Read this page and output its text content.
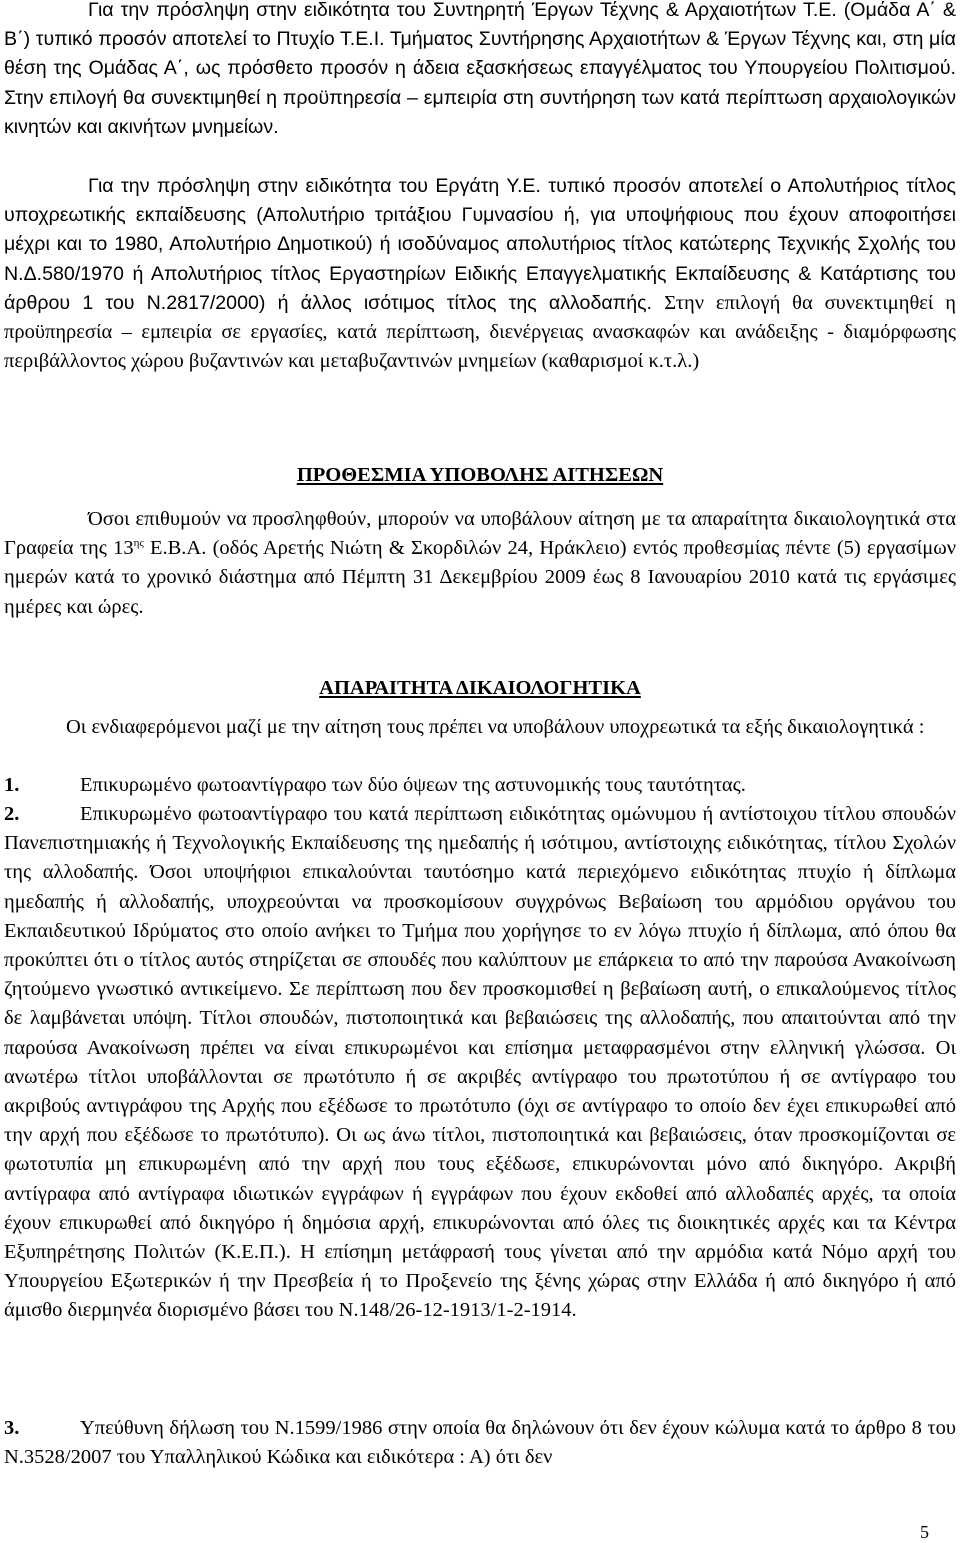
Για την πρόσληψη στην ειδικότητα του Συντηρητή Έργων Τέχνης & Αρχαιοτήτων Τ.Ε. (Ομάδα Α΄ & Β΄) τυπικό προσόν αποτελεί το Πτυχίο Τ.Ε.Ι. Τμήματος Συντήρησης Αρχαιοτήτων & Έργων Τέχνης και, στη μία θέση της Ομάδας Α΄, ως πρόσθετο προσόν η άδεια εξασκήσεως επαγγέλματος του Υπουργείου Πολιτισμού. Στην επιλογή θα συνεκτιμηθεί η προϋπηρεσία – εμπειρία στη συντήρηση των κατά περίπτωση αρχαιολογικών κινητών και ακινήτων μνημείων.

Για την πρόσληψη στην ειδικότητα του Εργάτη Υ.Ε. τυπικό προσόν αποτελεί ο Απολυτήριος τίτλος υποχρεωτικής εκπαίδευσης (Απολυτήριο τριτάξιου Γυμνασίου ή, για υποψήφιους που έχουν αποφοιτήσει μέχρι και το 1980, Απολυτήριο Δημοτικού) ή ισοδύναμος απολυτήριος τίτλος κατώτερης Τεχνικής Σχολής του Ν.Δ.580/1970 ή Απολυτήριος τίτλος Εργαστηρίων Ειδικής Επαγγελματικής Εκπαίδευσης & Κατάρτισης του άρθρου 1 του Ν.2817/2000) ή άλλος ισότιμος τίτλος της αλλοδαπής. Στην επιλογή θα συνεκτιμηθεί η προϋπηρεσία – εμπειρία σε εργασίες, κατά περίπτωση, διενέργειας ανασκαφών και ανάδειξης - διαμόρφωσης περιβάλλοντος χώρου βυζαντινών και μεταβυζαντινών μνημείων (καθαρισμοί κ.τ.λ.)

ΠΡΟΘΕΣΜΙΑ ΥΠΟΒΟΛΗΣ ΑΙΤΗΣΕΩΝ

Όσοι επιθυμούν να προσληφθούν, μπορούν να υποβάλουν αίτηση με τα απαραίτητα δικαιολογητικά στα Γραφεία της $13^{\eta\varsigma}$ Ε.Β.Α. (οδός Αρετής Νιώτη & Σκορδιλών 24, Ηράκλειο) εντός προθεσμίας πέντε (5) εργασίμων ημερών κατά το χρονικό διάστημα από Πέμπτη 31 Δεκεμβρίου 2009 έως 8 Ιανουαρίου 2010 κατά τις εργάσιμες ημέρες και ώρες.

ΑΠΑΡΑΙΤΗΤΑ ΔΙΚΑΙΟΛΟΓΗΤΙΚΑ

Οι ενδιαφερόμενοι μαζί με την αίτηση τους πρέπει να υποβάλουν υποχρεωτικά τα εξής δικαιολογητικά :

1.	Επικυρωμένο φωτοαντίγραφο των δύο όψεων της αστυνομικής τους ταυτότητας.

2.	Επικυρωμένο φωτοαντίγραφο του κατά περίπτωση ειδικότητας ομώνυμου ή αντίστοιχου τίτλου σπουδών Πανεπιστημιακής ή Τεχνολογικής Εκπαίδευσης της ημεδαπής ή ισότιμου, αντίστοιχης ειδικότητας, τίτλου Σχολών της αλλοδαπής. Όσοι υποψήφιοι επικαλούνται ταυτόσημο κατά περιεχόμενο ειδικότητας πτυχίο ή δίπλωμα ημεδαπής ή αλλοδαπής, υποχρεούνται να προσκομίσουν συγχρόνως Βεβαίωση του αρμόδιου οργάνου του Εκπαιδευτικού Ιδρύματος στο οποίο ανήκει το Τμήμα που χορήγησε το εν λόγω πτυχίο ή δίπλωμα, από όπου θα προκύπτει ότι ο τίτλος αυτός στηρίζεται σε σπουδές που καλύπτουν με επάρκεια το από την παρούσα Ανακοίνωση ζητούμενο γνωστικό αντικείμενο. Σε περίπτωση που δεν προσκομισθεί η βεβαίωση αυτή, ο επικαλούμενος τίτλος δε λαμβάνεται υπόψη. Τίτλοι σπουδών, πιστοποιητικά και βεβαιώσεις της αλλοδαπής, που απαιτούνται από την παρούσα Ανακοίνωση πρέπει να είναι επικυρωμένοι και επίσημα μεταφρασμένοι στην ελληνική γλώσσα. Οι ανωτέρω τίτλοι υποβάλλονται σε πρωτότυπο ή σε ακριβές αντίγραφο του πρωτοτύπου ή σε αντίγραφο του ακριβούς αντιγράφου της Αρχής που εξέδωσε το πρωτότυπο (όχι σε αντίγραφο το οποίο δεν έχει επικυρωθεί από την αρχή που εξέδωσε το πρωτότυπο). Οι ως άνω τίτλοι, πιστοποιητικά και βεβαιώσεις, όταν προσκομίζονται σε φωτοτυπία μη επικυρωμένη από την αρχή που τους εξέδωσε, επικυρώνονται μόνο από δικηγόρο. Ακριβή αντίγραφα από αντίγραφα ιδιωτικών εγγράφων ή εγγράφων που έχουν εκδοθεί από αλλοδαπές αρχές, τα οποία έχουν επικυρωθεί από δικηγόρο ή δημόσια αρχή, επικυρώνονται από όλες τις διοικητικές αρχές και τα Κέντρα Εξυπηρέτησης Πολιτών (Κ.Ε.Π.). Η επίσημη μετάφρασή τους γίνεται από την αρμόδια κατά Νόμο αρχή του Υπουργείου Εξωτερικών ή την Πρεσβεία ή το Προξενείο της ξένης χώρας στην Ελλάδα ή από δικηγόρο ή από άμισθο διερμηνέα διορισμένο βάσει του Ν.148/26-12-1913/1-2-1914.

3.	Υπεύθυνη δήλωση του Ν.1599/1986 στην οποία θα δηλώνουν ότι δεν έχουν κώλυμα κατά το άρθρο 8 του Ν.3528/2007 του Υπαλληλικού Κώδικα και ειδικότερα : Α) ότι δεν

5
